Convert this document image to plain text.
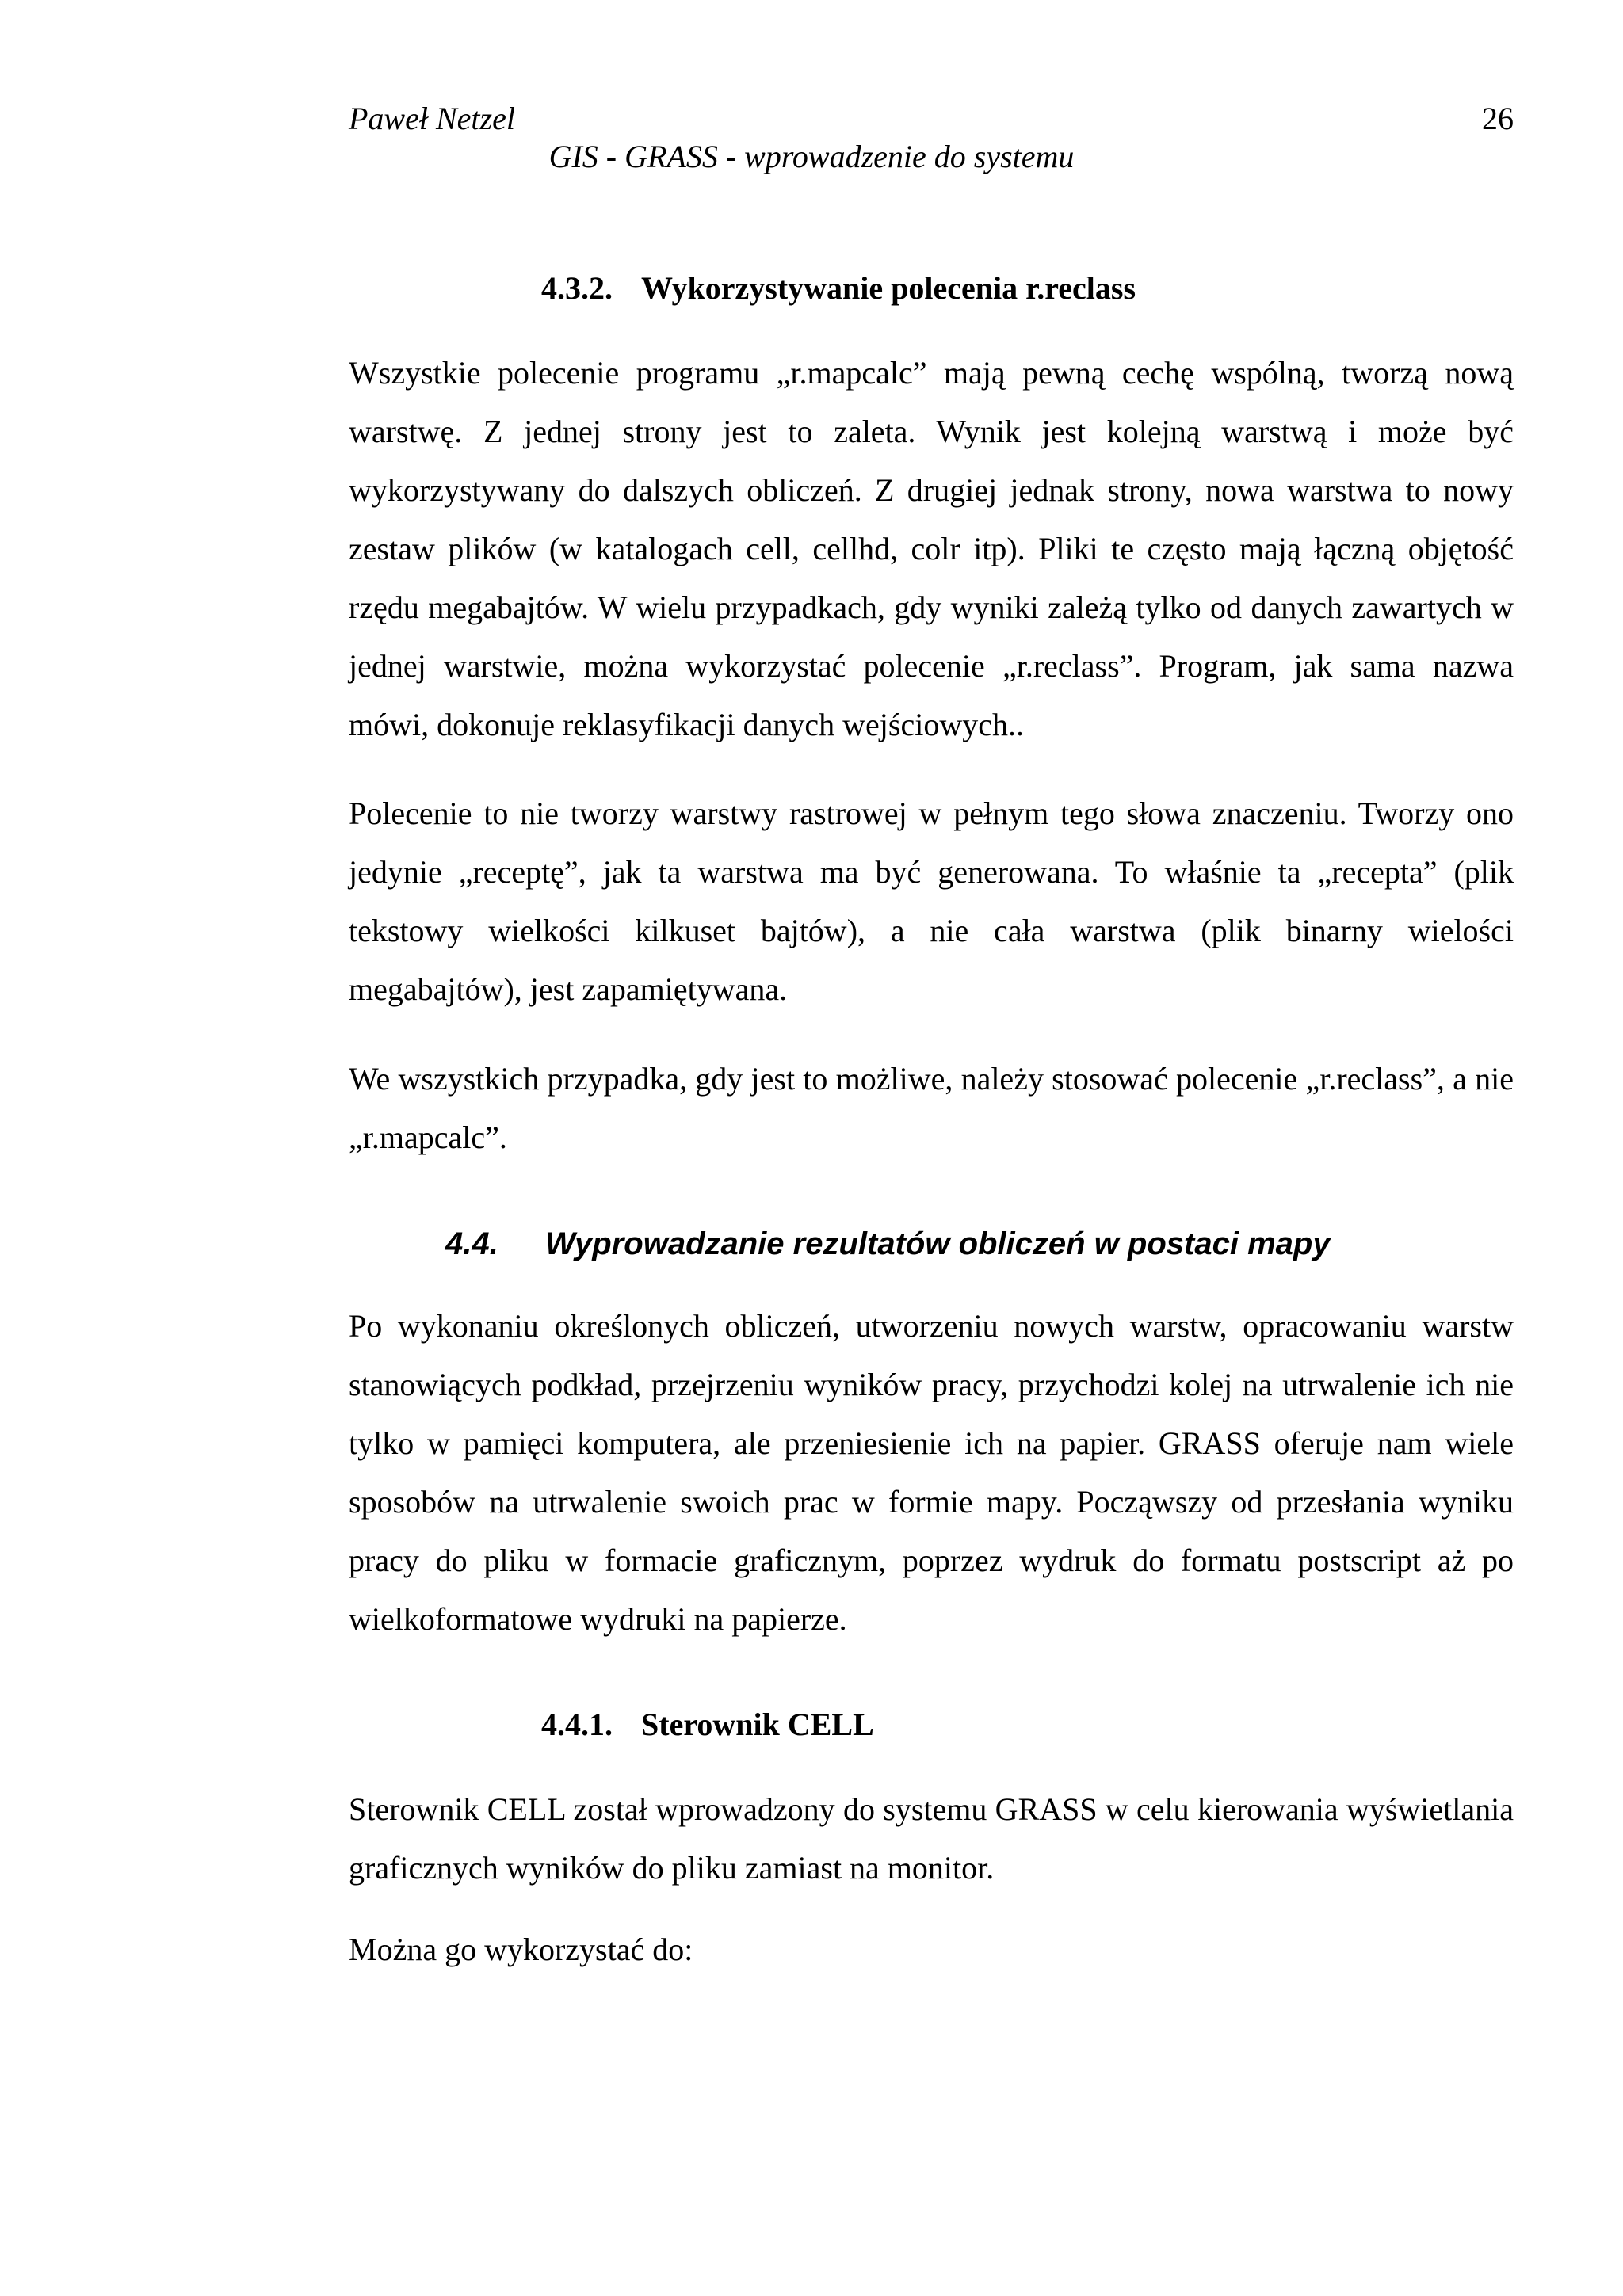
Paweł Netzel	26

GIS - GRASS - wprowadzenie do systemu

4.3.2. Wykorzystywanie polecenia r.reclass

Wszystkie polecenie programu „r.mapcalc” mają pewną cechę wspólną, tworzą nową warstwę. Z jednej strony jest to zaleta. Wynik jest kolejną warstwą i może być wykorzystywany do dalszych obliczeń. Z drugiej jednak strony, nowa warstwa to nowy zestaw plików (w katalogach cell, cellhd, colr itp). Pliki te często mają łączną objętość rzędu megabajtów. W wielu przypadkach, gdy wyniki zależą tylko od danych zawartych w jednej warstwie, można wykorzystać polecenie „r.reclass”. Program, jak sama nazwa mówi, dokonuje reklasyfikacji danych wejściowych..

Polecenie to nie tworzy warstwy rastrowej w pełnym tego słowa znaczeniu. Tworzy ono jedynie „receptę”, jak ta warstwa ma być generowana. To właśnie ta „recepta” (plik tekstowy wielkości kilkuset bajtów), a nie cała warstwa (plik binarny wielości megabajtów), jest zapamiętywana.

We wszystkich przypadka, gdy jest to możliwe, należy stosować polecenie „r.reclass”, a nie „r.mapcalc”.

4.4. Wyprowadzanie rezultatów obliczeń w postaci mapy

Po wykonaniu określonych obliczeń, utworzeniu nowych warstw, opracowaniu warstw stanowiących podkład, przejrzeniu wyników pracy, przychodzi kolej na utrwalenie ich nie tylko w pamięci komputera, ale przeniesienie ich na papier. GRASS oferuje nam wiele sposobów na utrwalenie swoich prac w formie mapy. Począwszy od przesłania wyniku pracy do pliku w formacie graficznym, poprzez wydruk do formatu postscript aż po wielkoformatowe wydruki na papierze.

4.4.1. Sterownik CELL

Sterownik CELL został wprowadzony do systemu GRASS w celu kierowania wyświetlania graficznych wyników do pliku zamiast na monitor.

Można go wykorzystać do:
